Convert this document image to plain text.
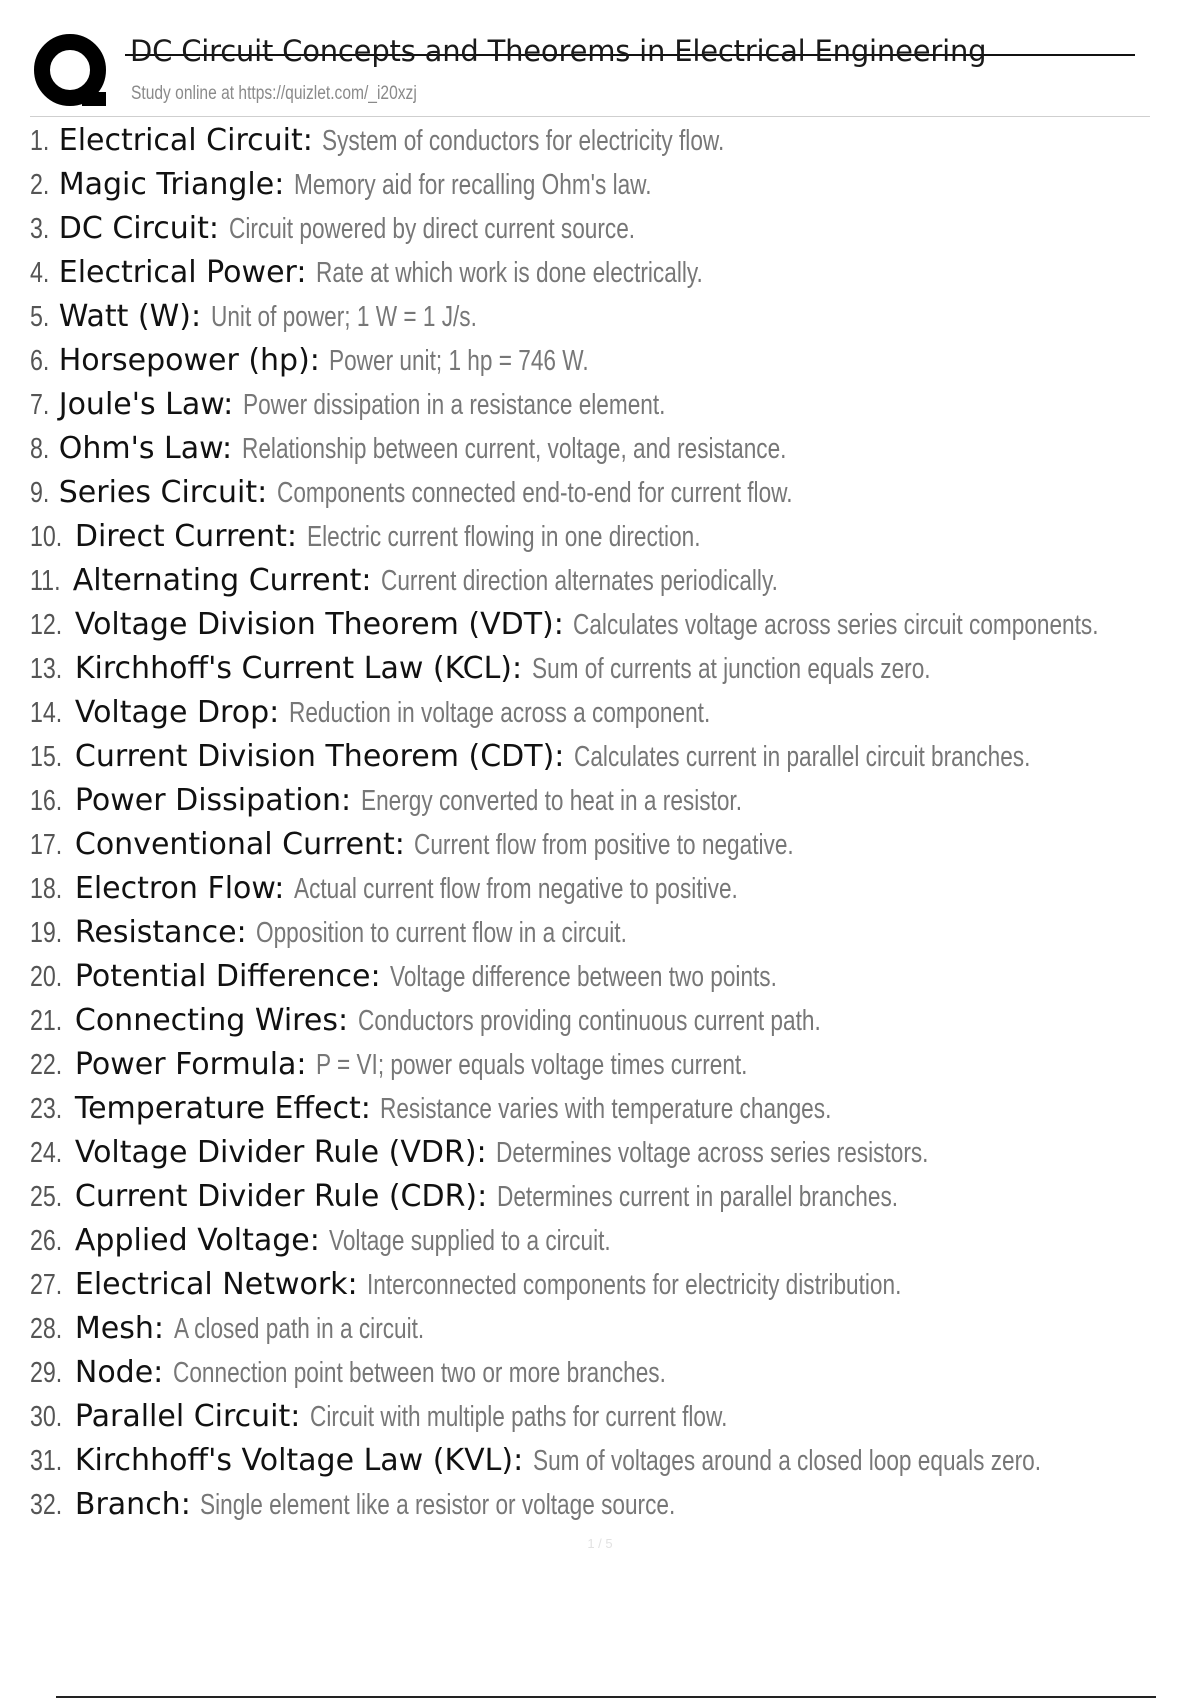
DC Circuit Concepts and Theorems in Electrical Engineering
Study online at https://quizlet.com/_i20xzj
1. Electrical Circuit: System of conductors for electricity flow.
2. Magic Triangle: Memory aid for recalling Ohm's law.
3. DC Circuit: Circuit powered by direct current source.
4. Electrical Power: Rate at which work is done electrically.
5. Watt (W): Unit of power; 1 W = 1 J/s.
6. Horsepower (hp): Power unit; 1 hp = 746 W.
7. Joule's Law: Power dissipation in a resistance element.
8. Ohm's Law: Relationship between current, voltage, and resistance.
9. Series Circuit: Components connected end-to-end for current flow.
10. Direct Current: Electric current flowing in one direction.
11. Alternating Current: Current direction alternates periodically.
12. Voltage Division Theorem (VDT): Calculates voltage across series circuit components.
13. Kirchhoff's Current Law (KCL): Sum of currents at junction equals zero.
14. Voltage Drop: Reduction in voltage across a component.
15. Current Division Theorem (CDT): Calculates current in parallel circuit branches.
16. Power Dissipation: Energy converted to heat in a resistor.
17. Conventional Current: Current flow from positive to negative.
18. Electron Flow: Actual current flow from negative to positive.
19. Resistance: Opposition to current flow in a circuit.
20. Potential Difference: Voltage difference between two points.
21. Connecting Wires: Conductors providing continuous current path.
22. Power Formula: P = VI; power equals voltage times current.
23. Temperature Effect: Resistance varies with temperature changes.
24. Voltage Divider Rule (VDR): Determines voltage across series resistors.
25. Current Divider Rule (CDR): Determines current in parallel branches.
26. Applied Voltage: Voltage supplied to a circuit.
27. Electrical Network: Interconnected components for electricity distribution.
28. Mesh: A closed path in a circuit.
29. Node: Connection point between two or more branches.
30. Parallel Circuit: Circuit with multiple paths for current flow.
31. Kirchhoff's Voltage Law (KVL): Sum of voltages around a closed loop equals zero.
32. Branch: Single element like a resistor or voltage source.
1 / 5
